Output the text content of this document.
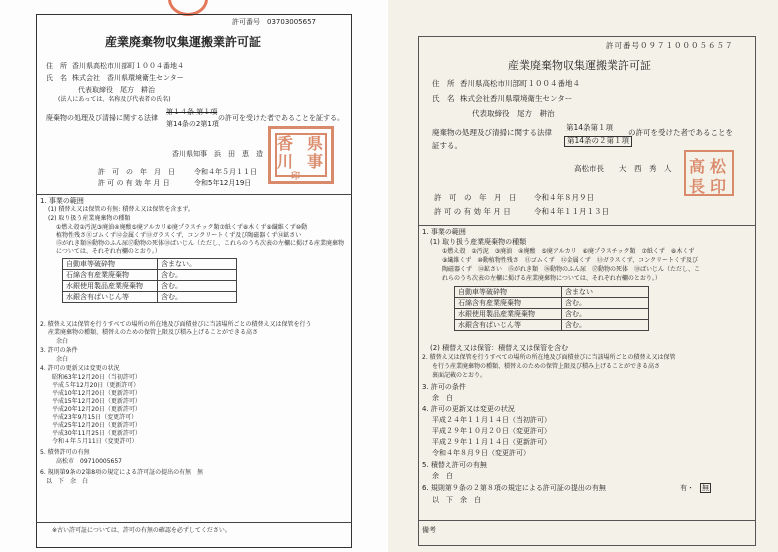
許可番号　03703005657
産業廃棄物収集運搬業許可証
住　所 香川県高松市川部町１００４番地４
氏　名 株式会社　香川県環境衛生センター
代表取締役　尾方　耕治
(法人にあっては、名称及び代表者の氏名)
廃棄物の処理及び清掃に関する法律
第１４条 第１項
第14条の2第1項
の許可を受けた者であることを証する。
県
香
川 事
印
香川県知事　浜　田　恵　造
許　可　の　年　月　日	令和４年５月１１日
許 可 の 有 効 年 月 日	令和5年12月19日
1. 事業の範囲
(1) 積替え又は保管の有無: 積替え又は保管を含まず。
(2) 取り扱う産業廃棄物の種類
①燃え殻②汚泥③廃油④廃酸⑤廃アルカリ⑥廃プラスチック類⑦紙くず⑧木くず⑨繊維くず⑩動
植物性残さ⑪ゴムくず⑫金属くず⑬ガラスくず、コンクリートくず及び陶磁器くず⑭鉱さい
⑮がれき類⑯動物のふん尿⑰動物の死体⑱ばいじん（ただし、これらのうち次表の左欄に掲げる産業廃棄物
については、それぞれ右欄のとおり。）
自動車等破砕物	含まない。
石綿含有産業廃棄物	含む。
水銀使用製品産業廃棄物	含む。
水銀含有ばいじん等	含む。
2. 積替え又は保管を行うすべての場所の所在地及び面積並びに当該場所ごとの積替え又は保管を行う
産業廃棄物の種類、積替えのための保管上限及び積み上げることができる高さ
余白
3. 許可の条件
余白
4. 許可の更新又は変更の状況
昭和63年12月20日（当初許可）
平成５年12月20日（更新許可）
平成10年12月20日（更新許可）
平成15年12月20日（更新許可）
平成20年12月20日（更新許可）
平成23年9月15日（変更許可）
平成25年12月20日（更新許可）
平成30年11月25日（更新許可）
令和４年５月11日（変更許可）
5. 積替許可の有無
高松市　09710005657
6. 規則第9条の2第8項の規定による許可証の提出の有無　無
以　下　余　白
※古い許可証については、許可の有無の確認を必ずしてください。
許可番号０９７１０００５６５７
産業廃棄物収集運搬業許可証
住　所 香川県高松市川部町１００４番地４
氏　名 株式会社香川県環境衛生センター
代表取締役　尾方　耕治
廃棄物の処理及び清掃に関する法律
第14条第１項
第14条の２第１項
の許可を受けた者であることを
証する。
高松市長　　大　西　秀　人 高 松
長 印
許　可　の　年　月　日 令和４年８月９日
許 可 の 有 効 年 月 日	令和４年１１月１３日
1. 事業の範囲
(1) 取り扱う産業廃棄物の種類
①燃え殻　②汚泥　③廃油　④廃酸　⑤廃アルカリ　⑥廃プラスチック類　⑦紙くず　⑧木くず
⑨繊維くず　⑩動植物性残さ　⑪ゴムくず　⑫金属くず　⑬ガラスくず、コンクリートくず及び
陶磁器くず　⑭鉱さい　⑮がれき類　⑯動物のふん尿　⑰動物の死体　⑱ばいじん（ただし、こ
れらのうち次表の左欄に掲げる産業廃棄物については、それぞれ右欄のとおり。）
自動車等破砕物	含まない
石綿含有産業廃棄物	含む。
水銀使用製品産業廃棄物	含む。
水銀含有ばいじん等	含む。
(2) 積替え又は保管：積替え又は保管を含む
2. 積替え又は保管を行うすべての場所の所在地及び面積並びに当該場所ごとの積替え又は保管
を行う産業廃棄物の種類、積替えのための保管上限及び積み上げることができる高さ
裏面記載のとおり。
3. 許可の条件
余　白
4. 許可の更新又は変更の状況
平成２４年１１月１４日（当初許可）
平成２９年１０月２０日（変更許可）
平成２９年１１月１４日（更新許可）
令和４年８月９日（変更許可）
5. 積替え許可の有無
余　白
6. 規則第９条の２第８項の規定による許可証の提出の有無	有・ 無
以　下　余　白
備考
